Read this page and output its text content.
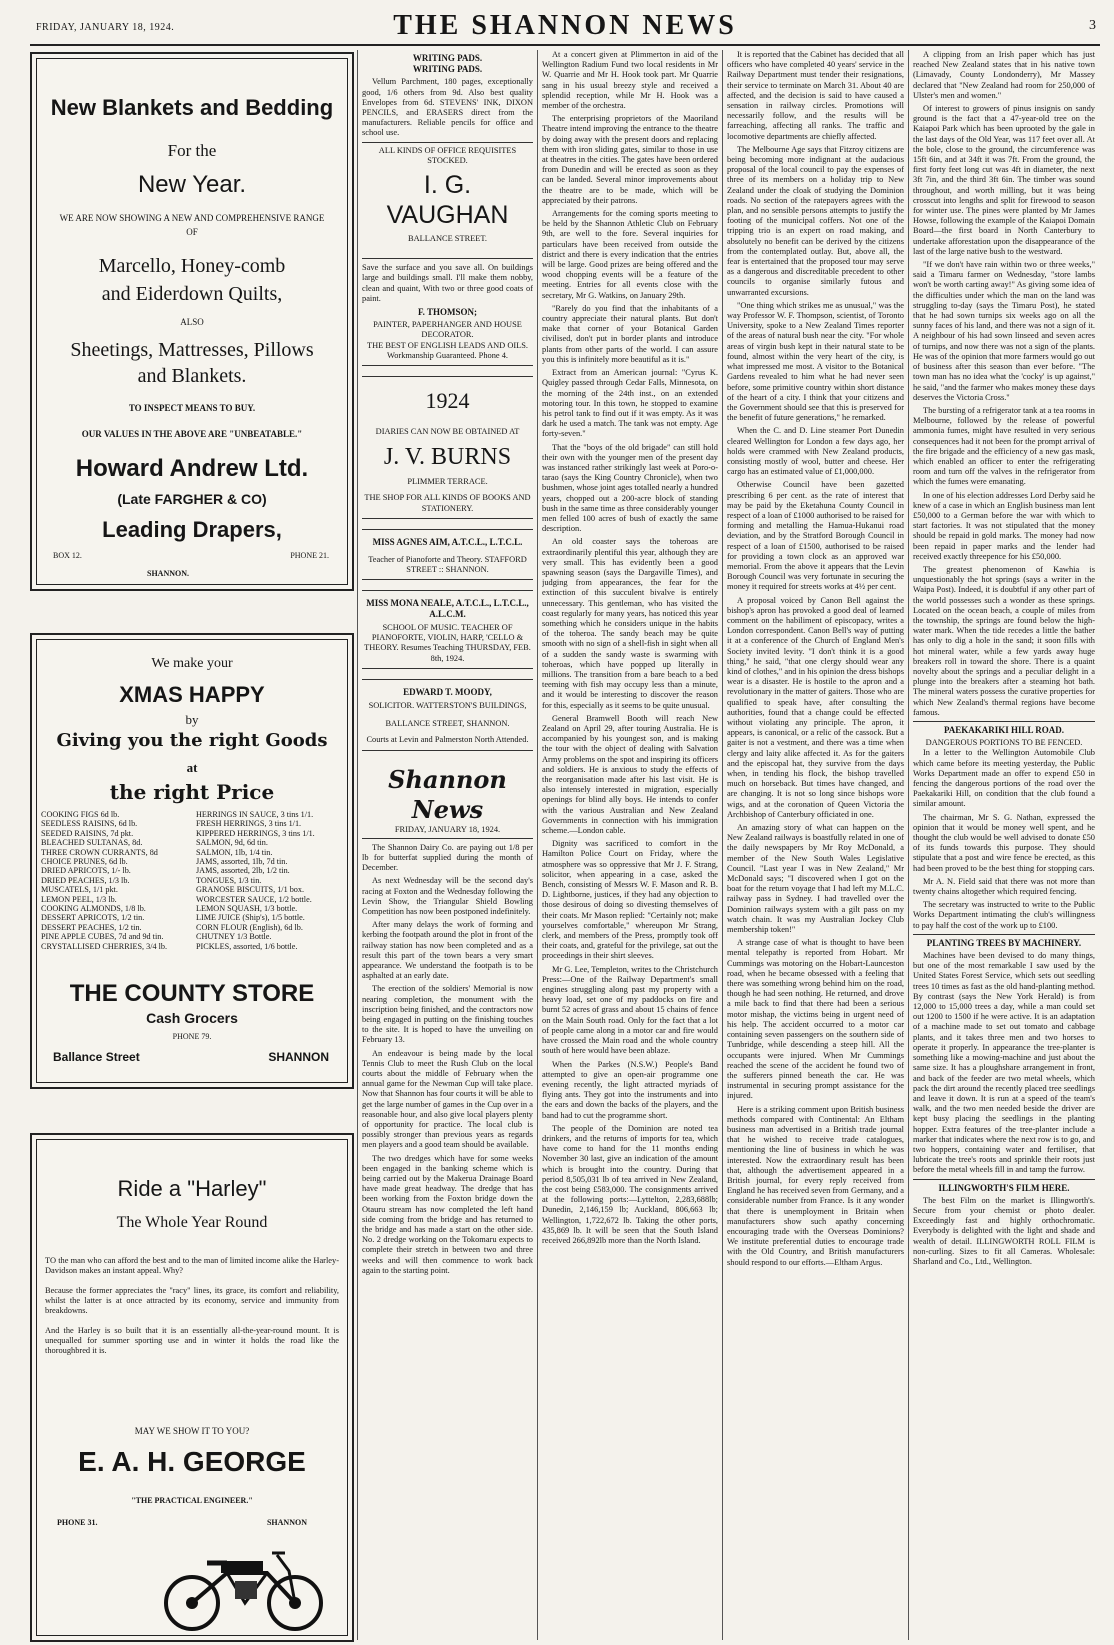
FRIDAY, JANUARY 18, 1924.	THE SHANNON NEWS	3
New Blankets and Bedding
For the
New Year.
WE ARE NOW SHOWING A NEW AND COMPREHENSIVE RANGE OF
Marcello, Honey-comb
and Eiderdown Quilts,
ALSO
Sheetings, Mattresses, Pillows
and Blankets.
TO INSPECT MEANS TO BUY.
OUR VALUES IN THE ABOVE ARE "UNBEATABLE."
Howard Andrew Ltd.
(Late FARGHER & CO)
Leading Drapers,
BOX 12.	PHONE 21.
SHANNON.
We make your
XMAS HAPPY
by
Giving you the right Goods
at
the right Price
COOKING FIGS 6d lb.
SEEDLESS RAISINS, 6d lb.
SEEDED RAISINS, 7d pkt.
BLEACHED SULTANAS, 8d.
THREE CROWN CURRANTS, 8d
CHOICE PRUNES, 6d lb.
DRIED APRICOTS, 1/- lb.
DRIED PEACHES, 1/3 lb.
MUSCATELS, 1/1 pkt.
LEMON PEEL, 1/3 lb.
COOKING ALMONDS, 1/8 lb.
DESSERT APRICOTS, 1/2 tin.
DESSERT PEACHES, 1/2 tin.
PINE APPLE CUBES, 7d and 9d tin.
CRYSTALLISED CHERRIES, 3/4 lb.
HERRINGS IN SAUCE, 3 tins 1/1.
FRESH HERRINGS, 3 tins 1/1.
KIPPERED HERRINGS, 3 tins 1/1.
SALMON, 9d, 6d tin.
SALMON, 1lb, 1/4 tin.
JAMS, assorted, 1lb, 7d tin.
JAMS, assorted, 2lb, 1/2 tin.
TONGUES, 1/3 tin.
GRANOSE BISCUITS, 1/1 box.
WORCESTER SAUCE, 1/2 bottle.
LEMON SQUASH, 1/3 bottle.
LIME JUICE (Ship's), 1/5 bottle.
CORN FLOUR (English), 6d lb.
CHUTNEY 1/3 Bottle.
PICKLES, assorted, 1/6 bottle.
THE COUNTY STORE
Cash Grocers
PHONE 79.
Ballance Street	SHANNON
Ride a "Harley"
The Whole Year Round

TO the man who can afford the best and to the man of limited income alike the Harley-Davidson makes an instant appeal. Why?

Because the former appreciates the "racy" lines, its grace, its comfort and reliability, whilst the latter is at once attracted by its economy, service and immunity from breakdowns.

And the Harley is so built that it is an essentially all-the-year-round mount. It is unequalled for summer sporting use and in winter it holds the road like the thoroughbred it is.

MAY WE SHOW IT TO YOU?
E. A. H. GEORGE
"THE PRACTICAL ENGINEER."
PHONE 31.	SHANNON
WRITING PADS.
WRITING PADS.

Vellum Parchment, 180 pages, exceptionally good, 1/6 others from 9d. Also best quality Envelopes from 6d. STEVENS' INK, DIXON PENCILS, and ERASERS direct from the manufacturers. Reliable pencils for office and school use.

ALL KINDS OF OFFICE REQUISITES STOCKED.
I. G. VAUGHAN
BALLANCE STREET.

Save the surface and you save all. On buildings large and buildings small. I'll make them nobby, clean and quaint, With two or three good coats of paint.

F. THOMSON;
PAINTER, PAPERHANGER AND HOUSE DECORATOR.
THE BEST OF ENGLISH LEADS AND OILS.
Workmanship Guaranteed. Phone 4.
1924
DIARIES CAN NOW BE OBTAINED AT
J. V. BURNS
PLIMMER TERRACE.
THE SHOP FOR ALL KINDS OF BOOKS AND STATIONERY.
MISS AGNES AIM, A.T.C.L., L.T.C.L.
Teacher of Pianoforte and Theory. STAFFORD STREET :: SHANNON.
MISS MONA NEALE, A.T.C.L., L.T.C.L., A.L.C.M.
SCHOOL OF MUSIC. TEACHER OF PIANOFORTE, VIOLIN, HARP, 'CELLO & THEORY. Resumes Teaching THURSDAY, FEB. 8th, 1924.
EDWARD T. MOODY,
SOLICITOR. WATTERSTON'S BUILDINGS,
BALLANCE STREET, SHANNON.
Courts at Levin and Palmerston North Attended.
Shannon News
FRIDAY, JANUARY 18, 1924.

The Shannon Dairy Co. are paying out 1/8 per lb for butterfat supplied during the month of December.

As next Wednesday will be the second day's racing at Foxton and the Wednesday following the Levin Show, the Triangular Shield Bowling Competition has now been postponed indefinitely.

After many delays the work of forming and kerbing the footpath around the plot in front of the railway station has now been completed and as a result this part of the town bears a very smart appearance. We understand the footpath is to be asphalted at an early date.

The erection of the soldiers' Memorial is now nearing completion, the monument with the inscription being finished, and the contractors now being engaged in putting on the finishing touches to the site. It is hoped to have the unveiling on February 13.

An endeavour is being made by the local Tennis Club to meet the Rush Club on the local courts about the middle of February when the annual game for the Newman Cup will take place. Now that Shannon has four courts it will be able to get the large number of games in the Cup over in a reasonable hour, and also give local players plenty of opportunity for practice. The local club is possibly stronger than previous years as regards men players and a good team should be available.

The two dredges which have for some weeks been engaged in the banking scheme which is being carried out by the Makerua Drainage Board have made great headway. The dredge that has been working from the Foxton bridge down the Otauru stream has now completed the left hand side coming from the bridge and has returned to the bridge and has made a start on the other side. No. 2 dredge working on the Tokomaru expects to complete their stretch in between two and three weeks and will then commence to work back again to the starting point.

At a concert given at Plimmerton in aid of the Wellington Radium Fund two local residents in Mr W. Quarrie and Mr H. Hook took part. Mr Quarrie sang in his usual breezy style and received a splendid reception, while Mr H. Hook was a member of the orchestra.

The enterprising proprietors of the Maoriland Theatre intend improving the entrance to the theatre by doing away with the present doors and replacing them with iron sliding gates, similar to those in use at theatres in the cities. The gates have been ordered from Dunedin and will be erected as soon as they can be landed. Several minor improvements about the theatre are to be made, which will be appreciated by their patrons.

Arrangements for the coming sports meeting to be held by the Shannon Athletic Club on February 9th, are well to the fore. Several inquiries for particulars have been received from outside the district and there is every indication that the entries will be large. Good prizes are being offered and the wood chopping events will be a feature of the meeting. Entries for all events close with the secretary, Mr G. Watkins, on January 29th.

"Rarely do you find that the inhabitants of a country appreciate their natural plants. But don't make that corner of your Botanical Garden civilised, don't put in border plants and introduce plants from other parts of the world. I can assure you this is infinitely more beautiful as it is."

Extract from an American journal: "Cyrus K. Quigley passed through Cedar Falls, Minnesota, on the morning of the 24th inst., on an extended motoring tour. In this town, he stopped to examine his petrol tank to find out if it was empty. As it was dark he used a match. The tank was not empty. Age forty-seven."

That the "boys of the old brigade" can still hold their own with the younger men of the present day was instanced rather strikingly last week at Poro-o-tarao (says the King Country Chronicle), when two bushmen, whose joint ages totalled nearly a hundred years, chopped out a 200-acre block of standing bush in the same time as three considerably younger men felled 100 acres of bush of exactly the same description.

An old coaster says the toheroas are extraordinarily plentiful this year, although they are very small. This has evidently been a good spawning season (says the Dargaville Times), and judging from appearances, the fear for the extinction of this succulent bivalve is entirely unnecessary. This gentleman, who has visited the coast regularly for many years, has noticed this year something which he considers unique in the habits of the toheroa. The sandy beach may be quite smooth with no sign of a shell-fish in sight when all of a sudden the sandy waste is swarming with toheroas, which have popped up literally in millions. The transition from a bare beach to a bed teeming with fish may occupy less than a minute, and it would be interesting to discover the reason for this, especially as it seems to be quite unusual.

General Bramwell Booth will reach New Zealand on April 29, after touring Australia. He is accompanied by his youngest son, and is making the tour with the object of dealing with Salvation Army problems on the spot and inspiring its officers and soldiers. He is anxious to study the effects of the reorganisation made after his last visit. He is also intensely interested in migration, especially openings for blind ally boys. He intends to confer with the various Australian and New Zealand Governments in connection with his immigration scheme.—London cable.

Dignity was sacrificed to comfort in the Hamilton Police Court on Friday, where the atmosphere was so oppressive that Mr J. F. Strang, solicitor, when appearing in a case, asked the Bench, consisting of Messrs W. F. Mason and R. B. D. Lightborne, justices, if they had any objection to those desirous of doing so divesting themselves of their coats. Mr Mason replied: "Certainly not; make yourselves comfortable," whereupon Mr Strang, clerk, and members of the Press, promptly took off their coats, and, grateful for the privilege, sat out the proceedings in their shirt sleeves.

Mr G. Lee, Templeton, writes to the Christchurch Press:—One of the Railway Department's small engines struggling along past my property with a heavy load, set one of my paddocks on fire and burnt 52 acres of grass and about 15 chains of fence on the Main South road. Only for the fact that a lot of people came along in a motor car and fire would have crossed the Main road and the whole country south of here would have been ablaze.

When the Parkes (N.S.W.) People's Band attempted to give an open-air programme one evening recently, the light attracted myriads of flying ants. They got into the instruments and into the ears and down the backs of the players, and the band had to cut the programme short.

The people of the Dominion are noted tea drinkers, and the returns of imports for tea, which have come to hand for the 11 months ending November 30 last, give an indication of the amount which is brought into the country. During that period 8,505,031 lb of tea arrived in New Zealand, the cost being £583,000. The consignments arrived at the following ports:—Lyttelton, 2,283,688lb; Dunedin, 2,146,159 lb; Auckland, 806,663 lb; Wellington, 1,722,672 lb. Taking the other ports, 435,869 lb. It will be seen that the South Island received 266,892lb more than the North Island.

It is reported that the Cabinet has decided that all officers who have completed 40 years' service in the Railway Department must tender their resignations, their service to terminate on March 31. About 40 are affected, and the decision is said to have caused a sensation in railway circles. Promotions will necessarily follow, and the results will be farreaching, affecting all ranks. The traffic and locomotive departments are chiefly affected.

The Melbourne Age says that Fitzroy citizens are being becoming more indignant at the audacious proposal of the local council to pay the expenses of three of its members on a holiday trip to New Zealand under the cloak of studying the Dominion roads. No section of the ratepayers agrees with the plan, and no sensible persons attempts to justify the footing of the municipal coffers. Not one of the tripping trio is an expert on road making, and absolutely no benefit can be derived by the citizens from the contemplated outlay. But, above all, the fear is entertained that the proposed tour may serve as a dangerous and discreditable precedent to other councils to organise similarly futous and unwarranted excursions.

"One thing which strikes me as unusual," was the way Professor W. F. Thompson, scientist, of Toronto University, spoke to a New Zealand Times reporter of the areas of natural bush near the city. "For whole areas of virgin bush kept in their natural state to be found, almost within the very heart of the city, is what impressed me most. A visitor to the Botanical Gardens revealed to him what he had never seen before, some primitive country within short distance of the heart of a city. I think that your citizens and the Government should see that this is preserved for the benefit of future generations," he remarked.

When the C. and D. Line steamer Port Dunedin cleared Wellington for London a few days ago, her holds were crammed with New Zealand products, consisting mostly of wool, butter and cheese. Her cargo has an estimated value of £1,000,000.

Otherwise Council have been gazetted prescribing 6 per cent. as the rate of interest that may be paid by the Eketahuna County Council in respect of a loan of £1000 authorised to be raised for forming and metalling the Hamua-Hukanui road deviation, and by the Stratford Borough Council in respect of a loan of £1500, authorised to be raised for providing a town clock as an approved war memorial. From the above it appears that the Levin Borough Council was very fortunate in securing the money it required for streets works at 4½ per cent.

A proposal voiced by Canon Bell against the bishop's apron has provoked a good deal of learned comment on the habiliment of episcopacy, writes a London correspondent. Canon Bell's way of putting it at a conference of the Church of England Men's Society invited levity. "I don't think it is a good thing," he said, "that one clergy should wear any kind of clothes," and in his opinion the dress bishops wear is a disaster. He is hostile to the apron and a revolutionary in the matter of gaiters. Those who are qualified to speak have, after consulting the authorities, found that a change could be effected without violating any principle. The apron, it appears, is canonical, or a relic of the cassock. But a gaiter is not a vestment, and there was a time when clergy and laity alike affected it. As for the gaiters and the episcopal hat, they survive from the days when, in tending his flock, the bishop travelled much on horseback. But times have changed, and are changing. It is not so long since bishops wore wigs, and at the coronation of Queen Victoria the Archbishop of Canterbury officiated in one.

An amazing story of what can happen on the New Zealand railways is boastfully related in one of the daily newspapers by Mr Roy McDonald, a member of the New South Wales Legislative Council. "Last year I was in New Zealand," Mr McDonald says; "I discovered when I got on the boat for the return voyage that I had left my M.L.C. railway pass in Sydney. I had travelled over the Dominion railways system with a gilt pass on my watch chain. It was my Australian Jockey Club membership token!"

A strange case of what is thought to have been mental telepathy is reported from Hobart. Mr Cummings was motoring on the Hobart-Launceston road, when he became obsessed with a feeling that there was something wrong behind him on the road, though he had seen nothing. He returned, and drove a mile back to find that there had been a serious motor mishap, the victims being in urgent need of his help. The accident occurred to a motor car containing seven passengers on the southern side of Tunbridge, while descending a steep hill. All the occupants were injured. When Mr Cummings reached the scene of the accident he found two of the sufferers pinned beneath the car. He was instrumental in securing prompt assistance for the injured.

Here is a striking comment upon British business methods compared with Continental: An Eltham business man advertised in a British trade journal that he wished to receive trade catalogues, mentioning the line of business in which he was interested. Now the extraordinary result has been that, although the advertisement appeared in a British journal, for every reply received from England he has received seven from Germany, and a considerable number from France. Is it any wonder that there is unemployment in Britain when manufacturers show such apathy concerning encouraging trade with the Overseas Dominions? We institute preferential duties to encourage trade with the Old Country, and British manufacturers should respond to our efforts.—Eltham Argus.

A clipping from an Irish paper which has just reached New Zealand states that in his native town (Limavady, County Londonderry), Mr Massey declared that "New Zealand had room for 250,000 of Ulster's men and women."

Of interest to growers of pinus insignis on sandy ground is the fact that a 47-year-old tree on the Kaiapoi Park which has been uprooted by the gale in the last days of the Old Year, was 117 feet over all. At the bole, close to the ground, the circumference was 15ft 6in, and at 34ft it was 7ft. From the ground, the first forty feet long cut was 4ft in diameter, the next 3ft 7in, and the third 3ft 6in. The timber was sound throughout, and worth milling, but it was being crosscut into lengths and split for firewood to season for winter use. The pines were planted by Mr James Howse, following the example of the Kaiapoi Domain Board—the first board in North Canterbury to undertake afforestation upon the disappearance of the last of the large native bush to the westward.

"If we don't have rain within two or three weeks," said a Timaru farmer on Wednesday, "store lambs won't be worth carting away!" As giving some idea of the difficulties under which the man on the land was struggling to-day (says the Timaru Post), he stated that he had sown turnips six weeks ago on all the sunny faces of his land, and there was not a sign of it. A neighbour of his had sown linseed and seven acres of turnips, and now there was not a sign of the plants. He was of the opinion that more farmers would go out of business after this season than ever before. "The town man has no idea what the 'cocky' is up against," he said, "and the farmer who makes money these days deserves the Victoria Cross."

The bursting of a refrigerator tank at a tea rooms in Melbourne, followed by the release of powerful ammonia fumes, might have resulted in very serious consequences had it not been for the prompt arrival of the fire brigade and the efficiency of a new gas mask, which enabled an officer to enter the refrigerating room and turn off the valves in the refrigerator from which the fumes were emanating.

In one of his election addresses Lord Derby said he knew of a case in which an English business man lent £50,000 to a German before the war with which to start factories. It was not stipulated that the money should be repaid in gold marks. The money had now been repaid in paper marks and the lender had received exactly threepence for his £50,000.

The greatest phenomenon of Kawhia is unquestionably the hot springs (says a writer in the Waipa Post). Indeed, it is doubtful if any other part of the world possesses such a wonder as these springs. Located on the ocean beach, a couple of miles from the township, the springs are found below the high-water mark. When the tide recedes a little the bather has only to dig a hole in the sand; it soon fills with hot mineral water, while a few yards away huge breakers roll in toward the shore. There is a quaint novelty about the springs and a peculiar delight in a plunge into the breakers after a steaming hot bath. The mineral waters possess the curative properties for which New Zealand's thermal regions have become famous.

PAEKAKARIKI HILL ROAD.
DANGEROUS PORTIONS TO BE FENCED.

In a letter to the Wellington Automobile Club which came before its meeting yesterday, the Public Works Department made an offer to expend £50 in fencing the dangerous portions of the road over the Paekakariki Hill, on condition that the club found a similar amount.

The chairman, Mr S. G. Nathan, expressed the opinion that it would be money well spent, and he thought the club would be well advised to donate £50 of its funds towards this purpose. They should stipulate that a post and wire fence be erected, as this had been proved to be the best thing for stopping cars.

Mr A. N. Field said that there was not more than twenty chains altogether which required fencing.

The secretary was instructed to write to the Public Works Department intimating the club's willingness to pay half the cost of the work up to £100.

PLANTING TREES BY MACHINERY.

Machines have been devised to do many things, but one of the most remarkable I saw used by the United States Forest Service, which sets out seedling trees 10 times as fast as the old hand-planting method. By contrast (says the New York Herald) is from 12,000 to 15,000 trees a day, while a man could set out 1200 to 1500 if he were active. It is an adaptation of a machine made to set out tomato and cabbage plants, and it takes three men and two horses to operate it properly. In appearance the tree-planter is something like a mowing-machine and just about the same size. It has a ploughshare arrangement in front, and back of the feeder are two metal wheels, which pack the dirt around the recently placed tree seedlings and leave it down. It is run at a speed of the team's walk, and the two men needed beside the driver are kept busy placing the seedlings in the planting hopper. Extra features of the tree-planter include a marker that indicates where the next row is to go, and two hoppers, containing water and fertiliser, that lubricate the tree's roots and sprinkle their roots just before the metal wheels fill in and tamp the furrow.

ILLINGWORTH'S FILM HERE.

The best Film on the market is Illingworth's. Secure from your chemist or photo dealer. Exceedingly fast and highly orthochromatic. Everybody is delighted with the light and shade and wealth of detail. ILLINGWORTH ROLL FILM is non-curling. Sizes to fit all Cameras. Wholesale: Sharland and Co., Ltd., Wellington.
